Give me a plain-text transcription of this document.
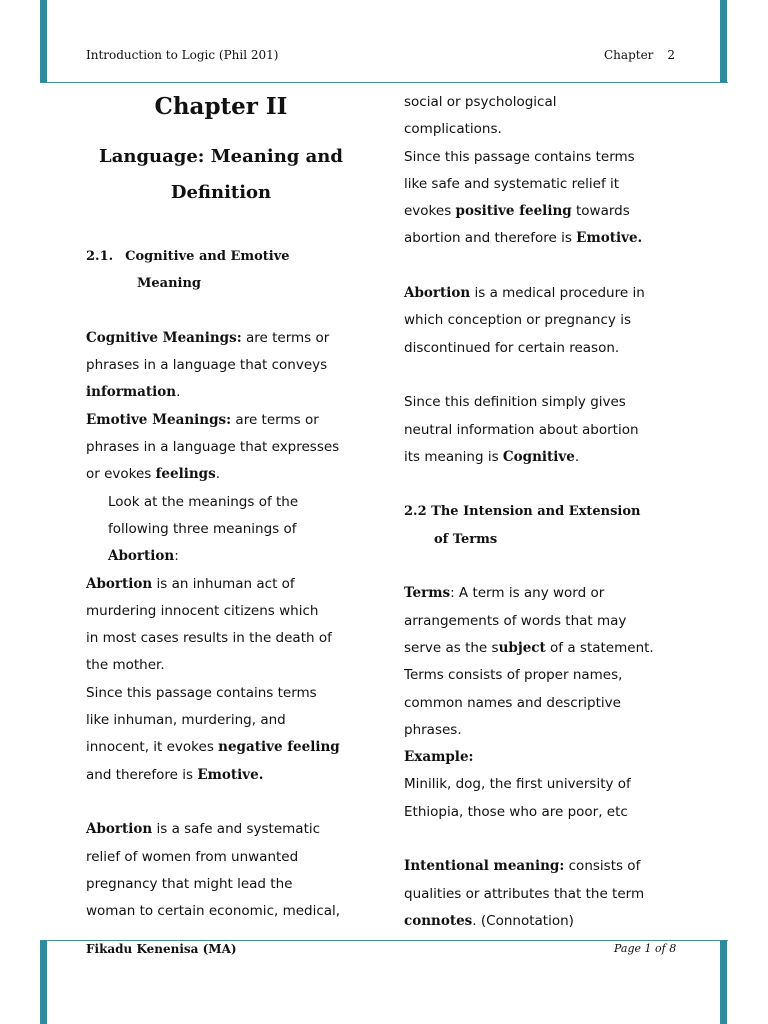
Introduction to Logic (Phil 201)	Chapter 2
Chapter II
Language: Meaning and
Definition

2.1. Cognitive and Emotive

Meaning

Cognitive Meanings: are terms or

phrases in a language that conveys

information.

Emotive Meanings: are terms or

phrases in a language that expresses

or evokes feelings.

Look at the meanings of the

following three meanings of

Abortion:

Abortion is an inhuman act of

murdering innocent citizens which

in most cases results in the death of

the mother.

Since this passage contains terms

like inhuman, murdering, and

innocent, it evokes negative feeling

and therefore is Emotive.

Abortion is a safe and systematic

relief of women from unwanted

pregnancy that might lead the

woman to certain economic, medical,

social or psychological

complications.

Since this passage contains terms

like safe and systematic relief it

evokes positive feeling towards

abortion and therefore is Emotive.

Abortion is a medical procedure in

which conception or pregnancy is

discontinued for certain reason.

Since this definition simply gives

neutral information about abortion

its meaning is Cognitive.

2.2 The Intension and Extension

of Terms

Terms: A term is any word or

arrangements of words that may

serve as the subject of a statement.

Terms consists of proper names,

common names and descriptive

phrases.

Example:

Minilik, dog, the first university of

Ethiopia, those who are poor, etc

Intentional meaning: consists of

qualities or attributes that the term

connotes. (Connotation)

Fikadu Kenenisa (MA)	Page 1 of 8
